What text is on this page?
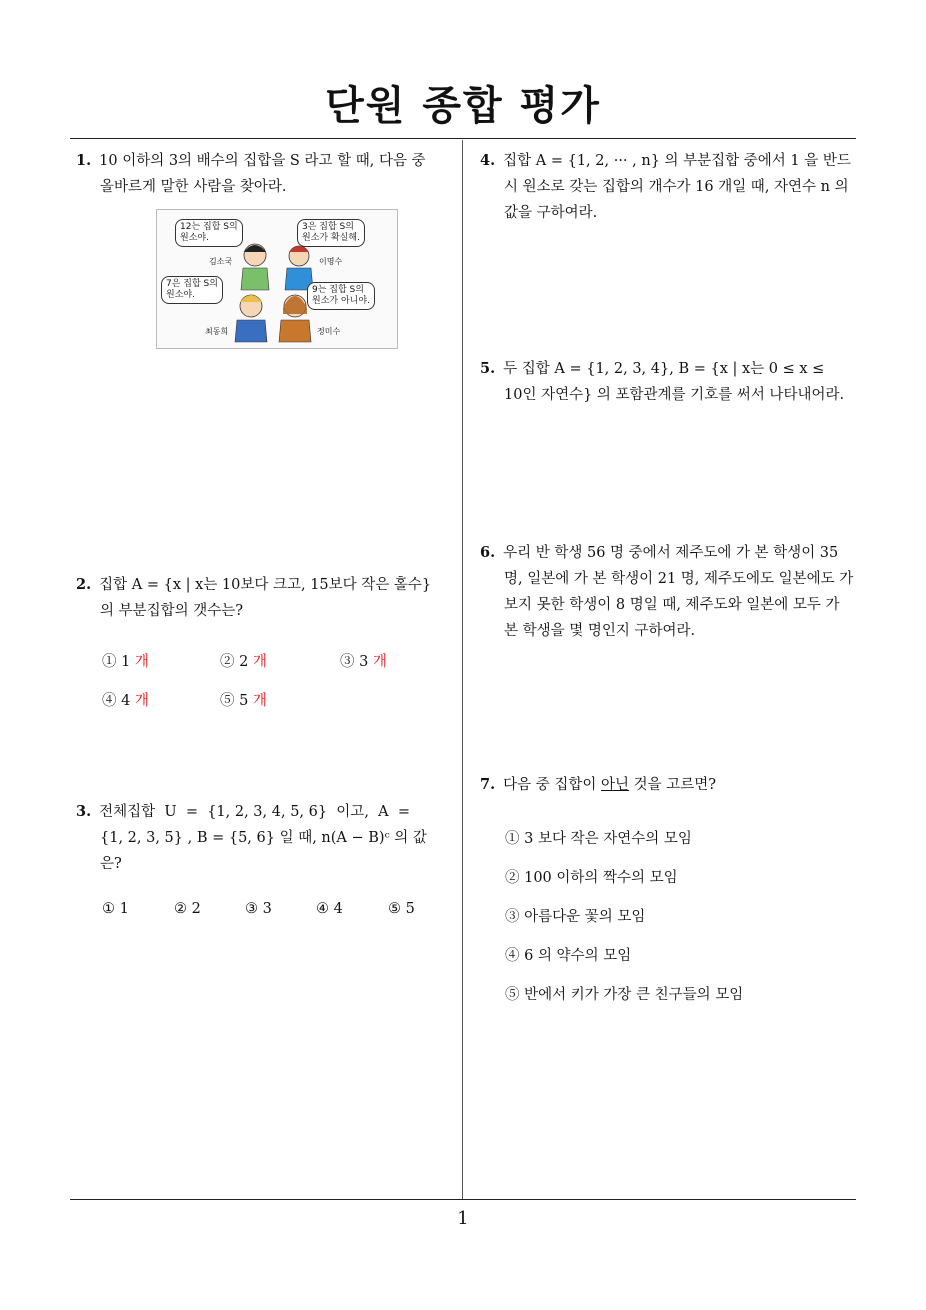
단원 종합 평가
1. 10 이하의 3의 배수의 집합을 S 라고 할 때, 다음 중
올바르게 말한 사람을 찾아라.
12는 집합 S의
원소야.
3은 집합 S의
원소가 확실해.
7은 집합 S의
원소야.	9는 집합 S의
원소가 아니야.
김소국	이명수
최동희	정미수
2. 집합 A = {x | x는 10보다 크고, 15보다 작은 홀수}
의 부분집합의 갯수는?
① 1 개	② 2 개	③ 3 개
④ 4 개	⑤ 5 개
3. 전체집합  U  =  {1, 2, 3, 4, 5, 6}  이고,  A  =
{1, 2, 3, 5} , B = {5, 6} 일 때, n(A − B)ᶜ 의 값
은?
① 1	② 2	③ 3	④ 4	⑤ 5
4. 집합 A = {1, 2, ··· , n} 의 부분집합 중에서 1 을 반드
시 원소로 갖는 집합의 개수가 16 개일 때, 자연수 n 의
값을 구하여라.
5. 두 집합 A = {1, 2, 3, 4}, B = {x | x는 0 ≤ x ≤
10인 자연수} 의 포함관계를 기호를 써서 나타내어라.
6. 우리 반 학생 56 명 중에서 제주도에 가 본 학생이 35
명, 일본에 가 본 학생이 21 명, 제주도에도 일본에도 가
보지 못한 학생이 8 명일 때, 제주도와 일본에 모두 가
본 학생을 몇 명인지 구하여라.
7. 다음 중 집합이 아닌 것을 고르면?
① 3 보다 작은 자연수의 모임
② 100 이하의 짝수의 모임
③ 아름다운 꽃의 모임
④ 6 의 약수의 모임
⑤ 반에서 키가 가장 큰 친구들의 모임
1
